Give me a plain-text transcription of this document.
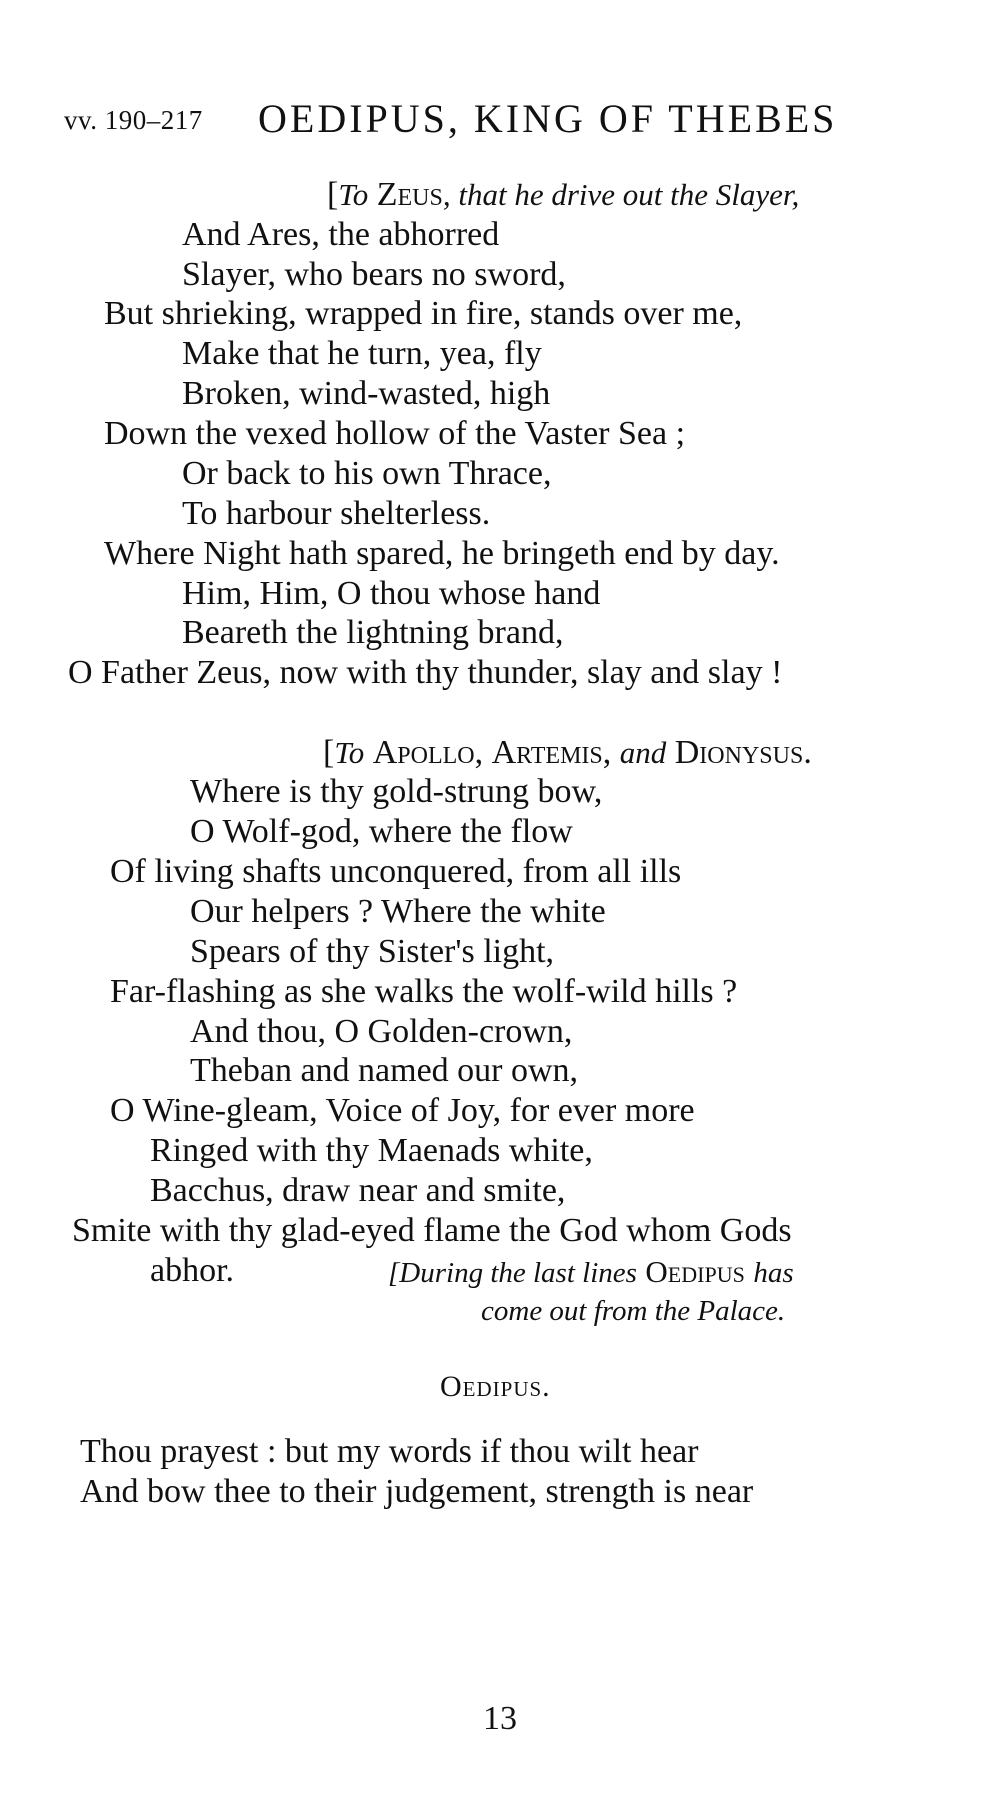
vv. 190–217 OEDIPUS, KING OF THEBES
[To Zeus, that he drive out the Slayer,
And Ares, the abhorred
Slayer, who bears no sword,
But shrieking, wrapped in fire, stands over me,
Make that he turn, yea, fly
Broken, wind-wasted, high
Down the vexed hollow of the Vaster Sea ;
Or back to his own Thrace,
To harbour shelterless.
Where Night hath spared, he bringeth end by day.
Him, Him, O thou whose hand
Beareth the lightning brand,
O Father Zeus, now with thy thunder, slay and slay !
[To Apollo, Artemis, and Dionysus.
Where is thy gold-strung bow,
O Wolf-god, where the flow
Of living shafts unconquered, from all ills
Our helpers ? Where the white
Spears of thy Sister's light,
Far-flashing as she walks the wolf-wild hills ?
And thou, O Golden-crown,
Theban and named our own,
O Wine-gleam, Voice of Joy, for ever more
Ringed with thy Maenads white,
Bacchus, draw near and smite,
Smite with thy glad-eyed flame the God whom Gods
abhor.	[During the last lines Oedipus has
come out from the Palace.
Oedipus.
Thou prayest : but my words if thou wilt hear
And bow thee to their judgement, strength is near
13
